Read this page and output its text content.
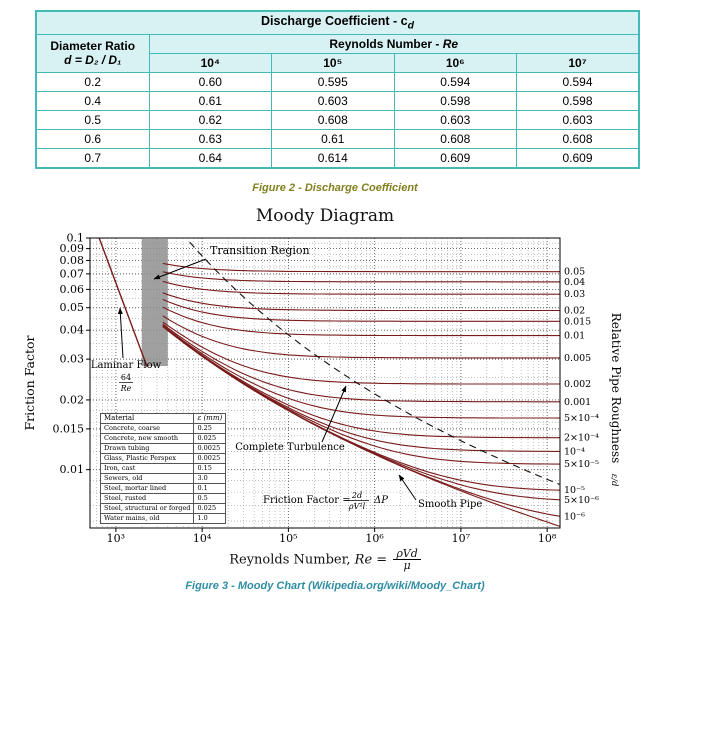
Discharge Coefficient - $c_d$
Diameter Ratio
d = D₂ / D₁	Reynolds Number - Re			
	10⁴	10⁵	10⁶	10⁷
0.2	0.60	0.595	0.594	0.594
0.4	0.61	0.603	0.598	0.598
0.5	0.62	0.608	0.603	0.603
0.6	0.63	0.61	0.608	0.608
0.7	0.64	0.614	0.609	0.609
Figure 2 - Discharge Coefficient
Moody Diagram
10³	10⁴	10⁵	10⁶	10⁷	10⁸
0.1
0.09
0.08
0.07
0.06
0.05
0.04
0.03
0.02
0.015
0.01
0.05
0.04
0.03
0.02
0.015
0.01
0.005
0.002
0.001
5×10⁻⁴
2×10⁻⁴
10⁻⁴
5×10⁻⁵
10⁻⁵
5×10⁻⁶
10⁻⁶
Friction Factor	Relative Pipe Roughness
ε/d
Transition Region
Laminar Flow
64
Re
Complete Turbulence
Smooth Pipe
Friction Factor = 2d
ρV²l
ΔP
Material	ε (mm)
Concrete, coarse	0.25
Concrete, new smooth	0.025
Drawn tubing	0.0025
Glass, Plastic Perspex	0.0025
Iron, cast	0.15
Sewers, old	3.0
Steel, mortar lined	0.1
Steel, rusted	0.5
Steel, structural or forged	0.025
Water mains, old	1.0
Reynolds Number, $Re = \frac{\text{ρVd}}{\mu}$
Figure 3 - Moody Chart (Wikipedia.org/wiki/Moody_Chart)
